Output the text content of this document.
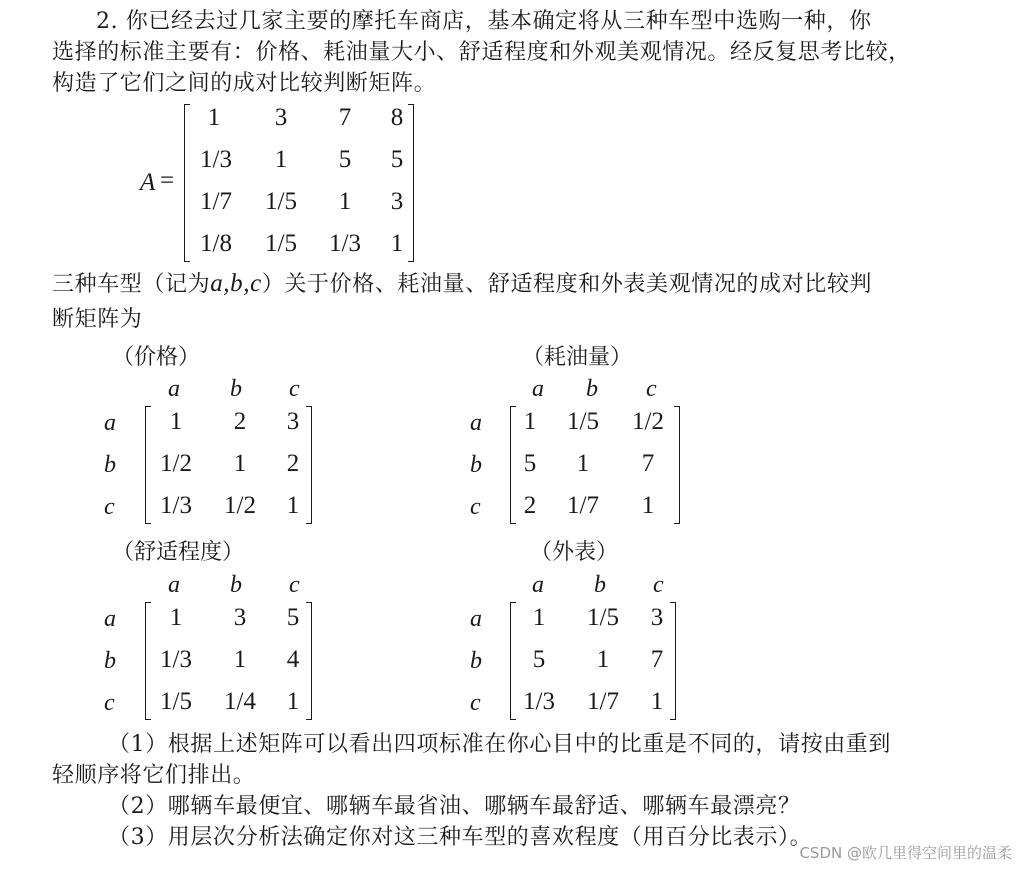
2. 你已经去过几家主要的摩托车商店，基本确定将从三种车型中选购一种，你
选择的标准主要有：价格、耗油量大小、舒适程度和外观美观情况。经反复思考比较，
构造了它们之间的成对比较判断矩阵。
A =
1 3 7 8
1/3 1 5 5
1/7 1/5 1 3
1/8 1/5 1/3 1
三种车型（记为a,b,c）关于价格、耗油量、舒适程度和外表美观情况的成对比较判
断矩阵为
（价格）
a b c
a
b
c
1 2 3
1/2 1 2
1/3 1/2 1
（耗油量）
a b c
a
b
c
1 1/5 1/2
5 1 7
2 1/7 1
（舒适程度）
a b c
a
b
c
1 3 5
1/3 1 4
1/5 1/4 1
（外表）
a b c
a
b
c
1 1/5 3
5 1 7
1/3 1/7 1
（1）根据上述矩阵可以看出四项标准在你心目中的比重是不同的，请按由重到
轻顺序将它们排出。
（2）哪辆车最便宜、哪辆车最省油、哪辆车最舒适、哪辆车最漂亮？
（3）用层次分析法确定你对这三种车型的喜欢程度（用百分比表示）。
CSDN @欧几里得空间里的温柔
